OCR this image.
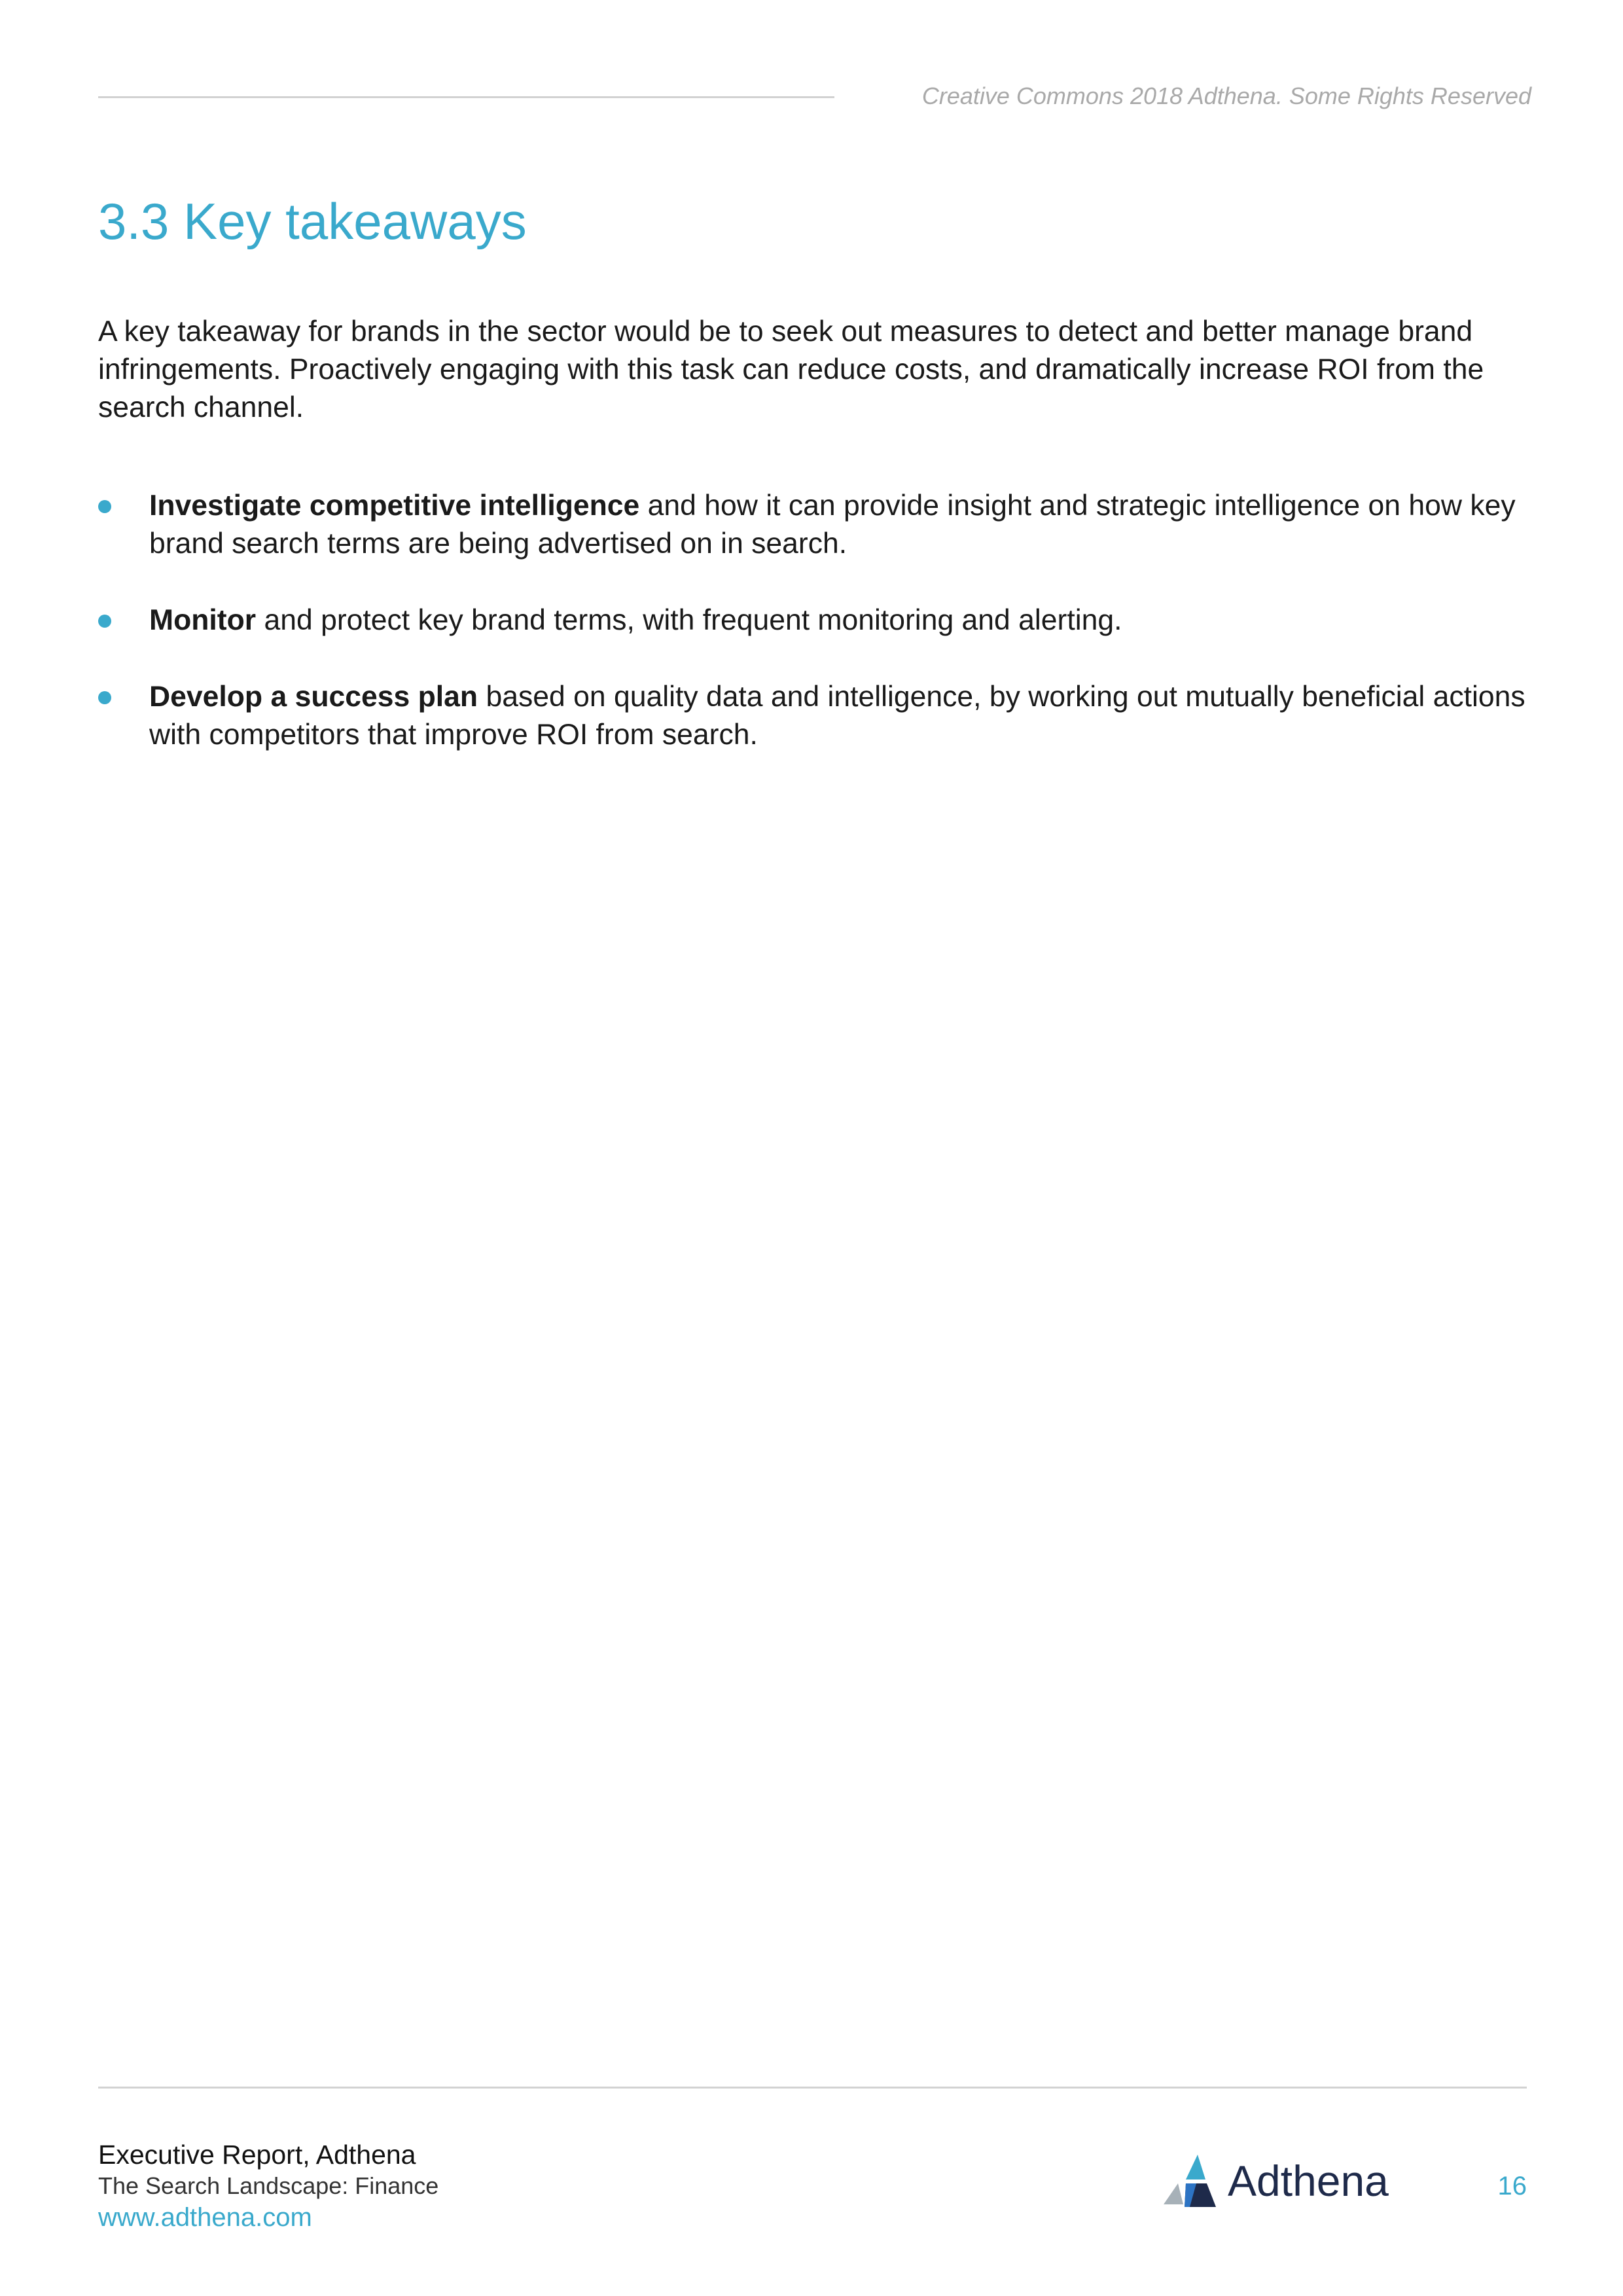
Creative Commons 2018 Adthena. Some Rights Reserved
3.3 Key takeaways

A key takeaway for brands in the sector would be to seek out measures to detect and better manage brand infringements. Proactively engaging with this task can reduce costs, and dramatically increase ROI from the search channel.

Investigate competitive intelligence and how it can provide insight and strategic intelligence on how key brand search terms are being advertised on in search.
Monitor and protect key brand terms, with frequent monitoring and alerting.
Develop a success plan based on quality data and intelligence, by working out mutually beneficial actions with competitors that improve ROI from search.
Executive Report, Adthena
The Search Landscape: Finance
www.adthena.com
Adthena	16
